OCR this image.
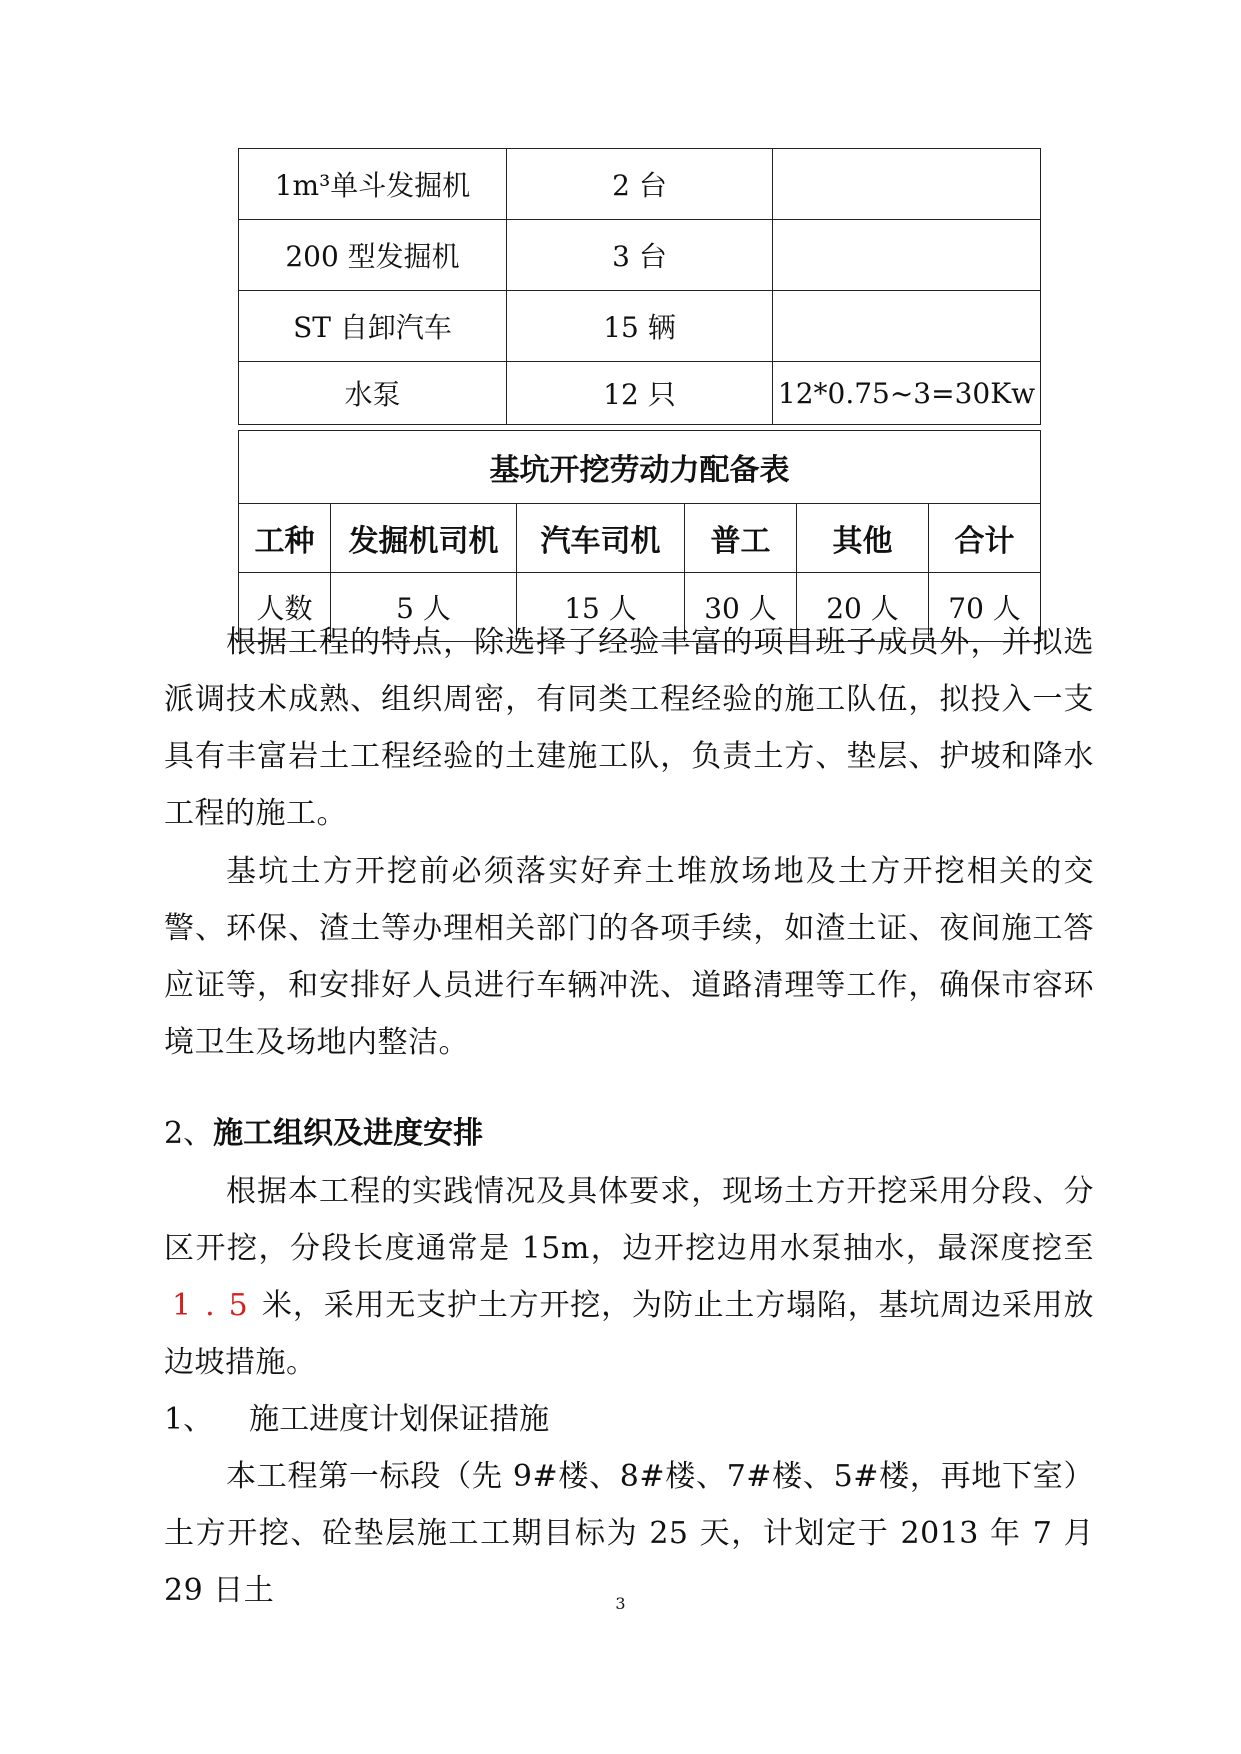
1m³单斗发掘机	2 台	
200 型发掘机	3 台	
ST 自卸汽车	15 辆	
水泵	12 只	12*0.75~3=30Kw
基坑开挖劳动力配备表					
工种	发掘机司机	汽车司机	普工	其他	合计
人数	5 人	15 人	30 人	20 人	70 人

根据工程的特点，除选择了经验丰富的项目班子成员外，并拟选派调技术成熟、组织周密，有同类工程经验的施工队伍，拟投入一支具有丰富岩土工程经验的土建施工队，负责土方、垫层、护坡和降水工程的施工。

基坑土方开挖前必须落实好弃土堆放场地及土方开挖相关的交警、环保、渣土等办理相关部门的各项手续，如渣土证、夜间施工答应证等，和安排好人员进行车辆冲洗、道路清理等工作，确保市容环境卫生及场地内整洁。

2、施工组织及进度安排

根据本工程的实践情况及具体要求，现场土方开挖采用分段、分区开挖，分段长度通常是 15m，边开挖边用水泵抽水，最深度挖至1.5米，采用无支护土方开挖，为防止土方塌陷，基坑周边采用放边坡措施。

1、 施工进度计划保证措施

本工程第一标段（先 9#楼、8#楼、7#楼、5#楼，再地下室）土方开挖、砼垫层施工工期目标为 25 天，计划定于 2013 年 7 月 29 日土	3
